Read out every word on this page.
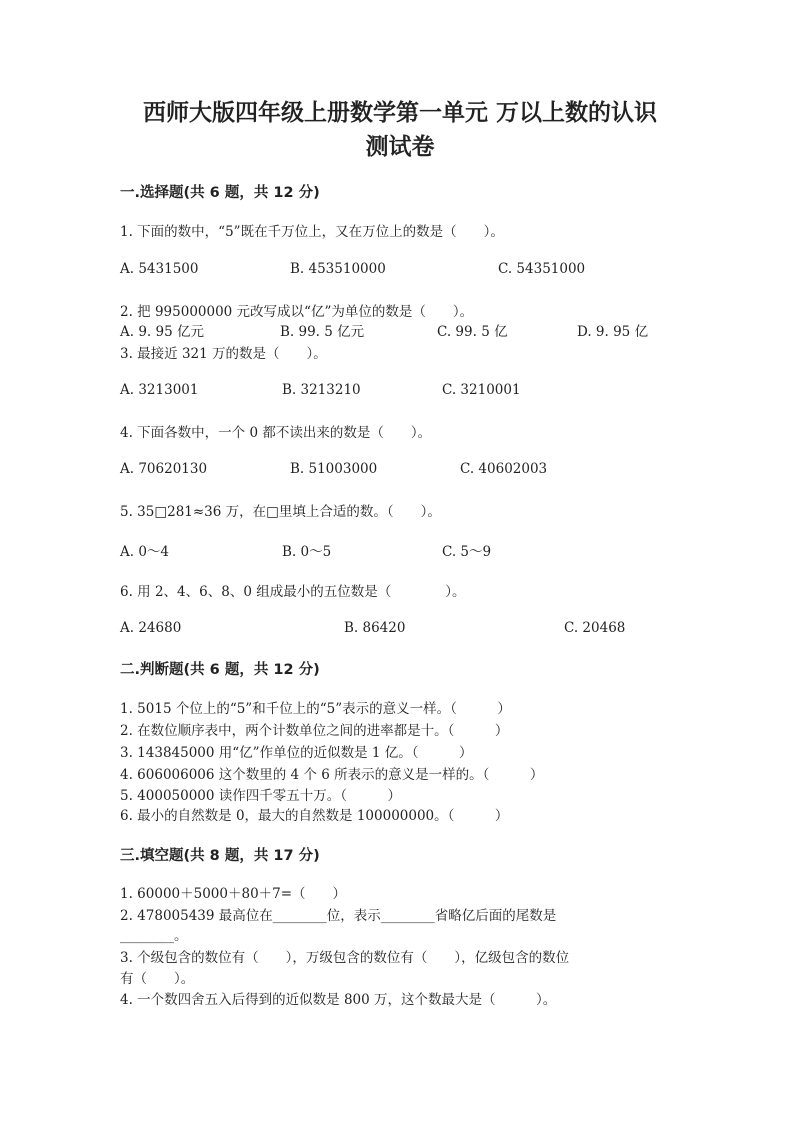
西师大版四年级上册数学第一单元 万以上数的认识
测试卷
一.选择题(共 6 题，共 12 分)
1. 下面的数中，“5”既在千万位上，又在万位上的数是（　　）。
A. 5431500	B. 453510000	C. 54351000
2. 把 995000000 元改写成以“亿”为单位的数是（　　）。
A. 9. 95 亿元	B. 99. 5 亿元	C. 99. 5 亿	D. 9. 95 亿
3. 最接近 321 万的数是（　　）。
A. 3213001	B. 3213210	C. 3210001
4. 下面各数中，一个 0 都不读出来的数是（　　）。
A. 70620130	B. 51003000	C. 40602003
5. 35□281≈36 万，在□里填上合适的数。（　　）。
A. 0～4	B. 0～5	C. 5～9
6. 用 2、4、6、8、0 组成最小的五位数是（　　　　）。
A. 24680	B. 86420	C. 20468
二.判断题(共 6 题，共 12 分)
1. 5015 个位上的“5”和千位上的“5”表示的意义一样。（　　　）
2. 在数位顺序表中，两个计数单位之间的进率都是十。（　　　）
3. 143845000 用“亿”作单位的近似数是 1 亿。（　　　）
4. 606006006 这个数里的 4 个 6 所表示的意义是一样的。（　　　）
5. 400050000 读作四千零五十万。（　　　）
6. 最小的自然数是 0，最大的自然数是 100000000。（　　　）
三.填空题(共 8 题，共 17 分)
1. 60000＋5000＋80＋7=（　　）
2. 478005439 最高位在________位，表示________省略亿后面的尾数是
________。
3. 个级包含的数位有（　　），万级包含的数位有（　　），亿级包含的数位
有（　　）。
4. 一个数四舍五入后得到的近似数是 800 万，这个数最大是（　　　）。
